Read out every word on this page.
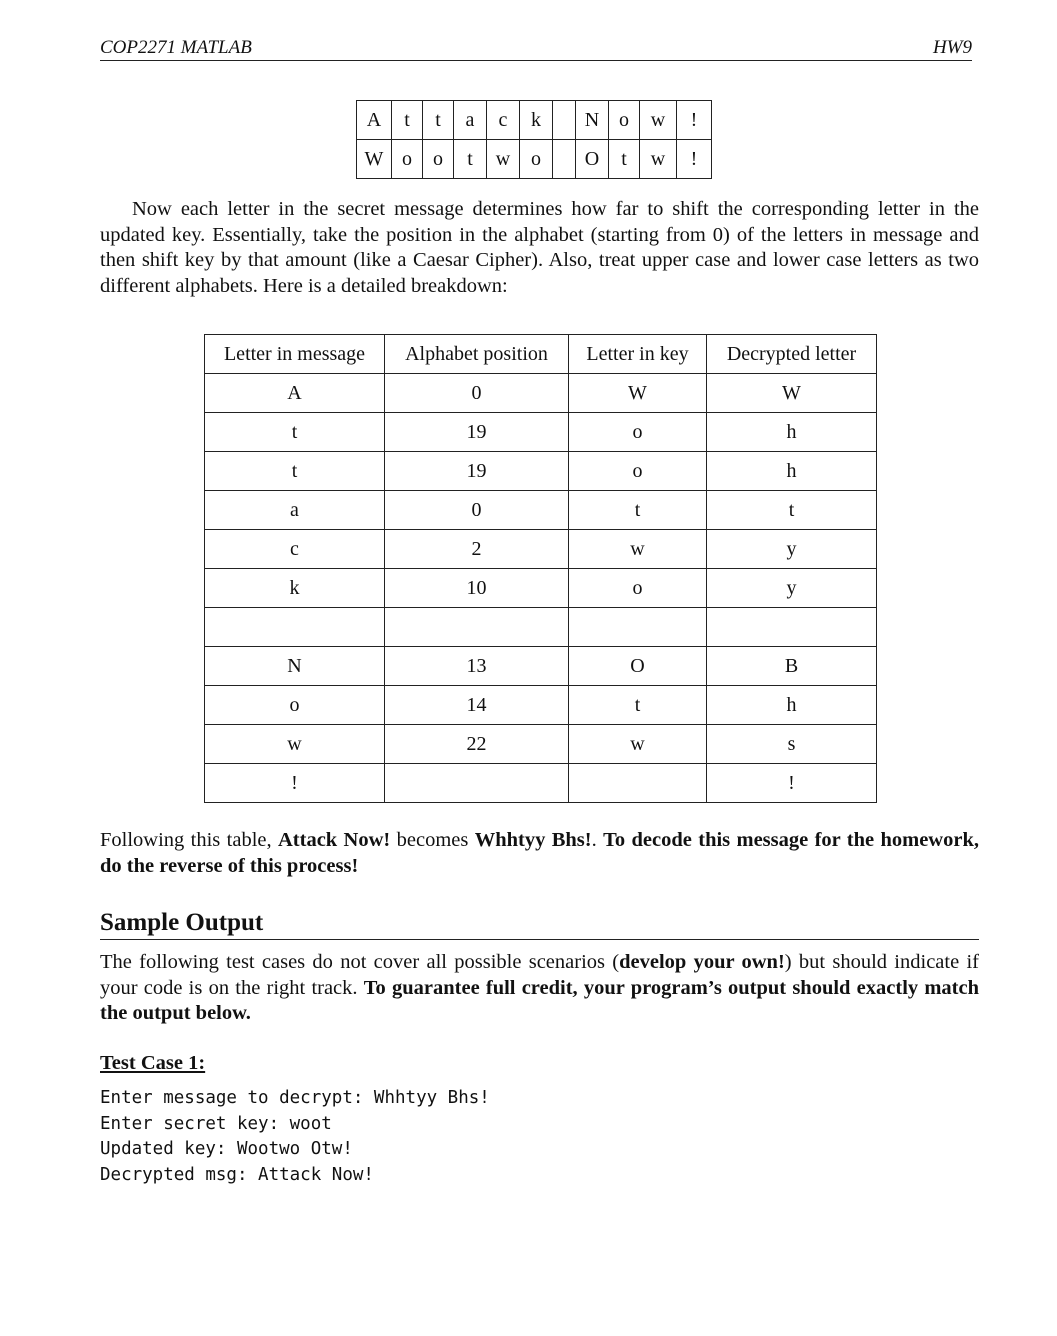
COP2271 MATLAB	HW9
A	t	t	a	c	k		N	o	w	!
W	o	o	t	w	o		O	t	w	!

Now each letter in the secret message determines how far to shift the corresponding letter in the updated key. Essentially, take the position in the alphabet (starting from 0) of the letters in message and then shift key by that amount (like a Caesar Cipher). Also, treat upper case and lower case letters as two different alphabets. Here is a detailed breakdown:

Letter in message	Alphabet position	Letter in key	Decrypted letter
A	0	W	W
t	19	o	h
t	19	o	h
a	0	t	t
c	2	w	y
k	10	o	y

N	13	O	B
o	14	t	h
w	22	w	s
!			!

Following this table, Attack Now! becomes Whhtyy Bhs!. To decode this message for the homework, do the reverse of this process!

Sample Output

The following test cases do not cover all possible scenarios (develop your own!) but should indicate if your code is on the right track. To guarantee full credit, your program’s output should exactly match the output below.

Test Case 1:
Enter message to decrypt: Whhtyy Bhs!
Enter secret key: woot
Updated key: Wootwo Otw!
Decrypted msg: Attack Now!
